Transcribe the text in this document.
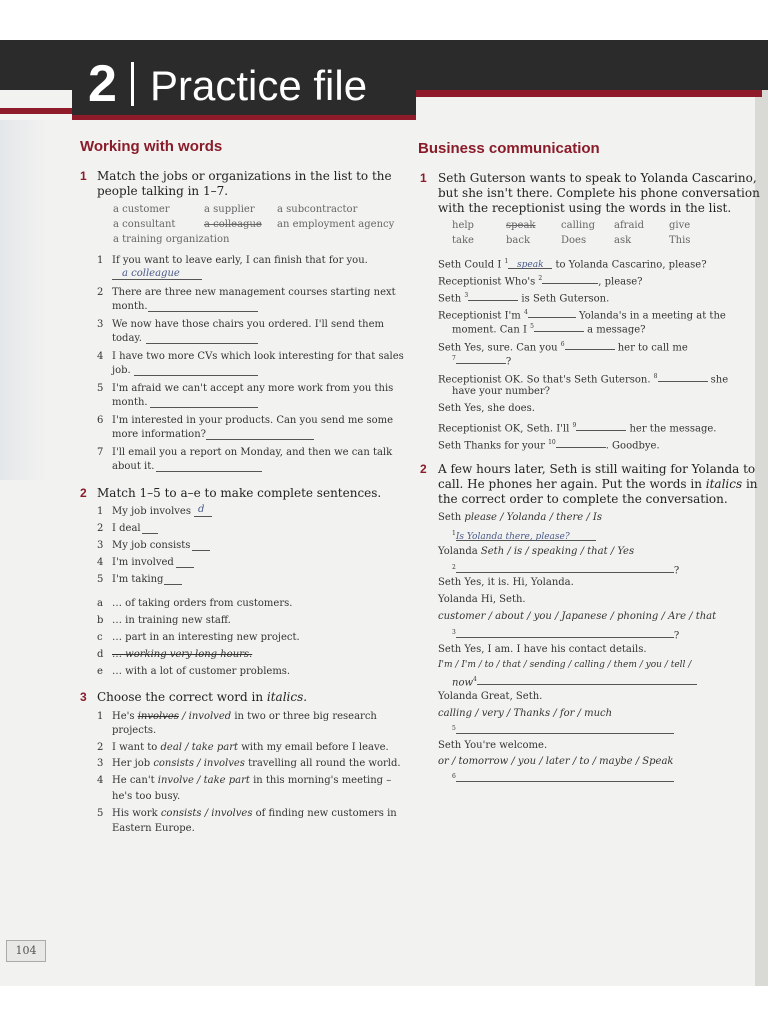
2 Practice file
Working with words
1 Match the jobs or organizations in the list to the
people talking in 1–7.
a customer	a supplier a subcontractor
a consultant	a colleague an employment agency
a training organization
1 If you want to leave early, I can finish that for you.
a colleague
2 There are three new management courses starting next
month.
3 We now have those chairs you ordered. I'll send them
today.
4 I have two more CVs which look interesting for that sales
job.
5 I'm afraid we can't accept any more work from you this
month.
6 I'm interested in your products. Can you send me some
more information?
7 I'll email you a report on Monday, and then we can talk
about it.
2 Match 1–5 to a–e to make complete sentences.
1 My job involves d
2 I deal
3 My job consists
4 I'm involved
5 I'm taking
a … of taking orders from customers.
b … in training new staff.
c … part in an interesting new project.
d … working very long hours.
e … with a lot of customer problems.
3 Choose the correct word in italics.
1 He's involves / involved in two or three big research
projects.
2 I want to deal / take part with my email before I leave.
3 Her job consists / involves travelling all round the world.
4 He can't involve / take part in this morning's meeting –
he's too busy.
5 His work consists / involves of finding new customers in
Eastern Europe.
Business communication
1 Seth Guterson wants to speak to Yolanda Cascarino,
but she isn't there. Complete his phone conversation
with the receptionist using the words in the list.
help	speak	calling afraid give
take	back	Does	ask	This
Seth Could I $^1$ speak to Yolanda Cascarino, please?
Receptionist Who's $^2$	, please?
Seth $^3$	is Seth Guterson.
Receptionist I'm $^4$	Yolanda's in a meeting at the
moment. Can I $^5$	a message?
Seth Yes, sure. Can you $^6$	her to call me
$^7$	?
Receptionist OK. So that's Seth Guterson. $^8$	she
have your number?
Seth Yes, she does.
Receptionist OK, Seth. I'll $^9$	her the message.
Seth Thanks for your $^{10}$	. Goodbye.
2 A few hours later, Seth is still waiting for Yolanda to
call. He phones her again. Put the words in italics in
the correct order to complete the conversation.
Seth please / Yolanda / there / Is
$^1$Is Yolanda there, please?
Yolanda Seth / is / speaking / that / Yes
$^2$	?
Seth Yes, it is. Hi, Yolanda.
Yolanda Hi, Seth.
customer / about / you / Japanese / phoning / Are / that
$^3$	?
Seth Yes, I am. I have his contact details.
I'm / I'm / to / that / sending / calling / them / you / tell /
now$^4$
Yolanda Great, Seth.
calling / very / Thanks / for / much
$^5$
Seth You're welcome.
or / tomorrow / you / later / to / maybe / Speak
$^6$
104
